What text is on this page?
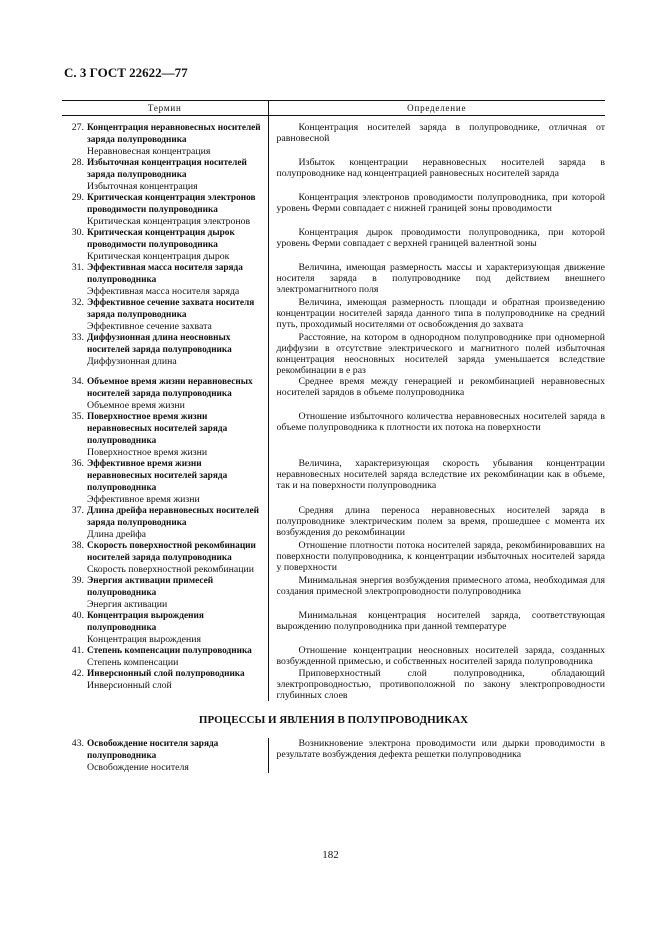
С. 3 ГОСТ 22622—77
Термин	Определение

27. Концентрация неравновесных носителей заряда полупроводника
Неравновесная концентрация	Концентрация носителей заряда в полупроводнике, отличная от равновесной

28. Избыточная концентрация носителей заряда полупроводника
Избыточная концентрация	Избыток концентрации неравновесных носителей заряда в полупроводнике над концентрацией равновесных носителей заряда

29. Критическая концентрация электронов проводимости полупроводника
Критическая концентрация электронов	Концентрация электронов проводимости полупроводника, при которой уровень Ферми совпадает с нижней границей зоны проводимости

30. Критическая концентрация дырок проводимости полупроводника
Критическая концентрация дырок	Концентрация дырок проводимости полупроводника, при которой уровень Ферми совпадает с верхней границей валентной зоны

31. Эффективная масса носителя заряда полупроводника
Эффективная масса носителя заряда	Величина, имеющая размерность массы и характеризующая движение носителя заряда в полупроводнике под действием внешнего электромагнитного поля

32. Эффективное сечение захвата носителя заряда полупроводника
Эффективное сечение захвата	Величина, имеющая размерность площади и обратная произведению концентрации носителей заряда данного типа в полупроводнике на средний путь, проходимый носителями от освобождения до захвата

33. Диффузионная длина неосновных носителей заряда полупроводника
Диффузионная длина	Расстояние, на котором в однородном полупроводнике при одномерной диффузии в отсутствие электрического и магнитного полей избыточная концентрация неосновных носителей заряда уменьшается вследствие рекомбинации в e раз

34. Объемное время жизни неравновесных носителей заряда полупроводника
Объемное время жизни	Среднее время между генерацией и рекомбинацией неравновесных носителей зарядов в объеме полупроводника

35. Поверхностное время жизни неравновесных носителей заряда полупроводника
Поверхностное время жизни	Отношение избыточного количества неравновесных носителей заряда в объеме полупроводника к плотности их потока на поверхности

36. Эффективное время жизни неравновесных носителей заряда полупроводника
Эффективное время жизни	Величина, характеризующая скорость убывания концентрации неравновесных носителей заряда вследствие их рекомбинации как в объеме, так и на поверхности полупроводника

37. Длина дрейфа неравновесных носителей заряда полупроводника
Длина дрейфа	Средняя длина переноса неравновесных носителей заряда в полупроводнике электрическим полем за время, прошедшее с момента их возбуждения до рекомбинации

38. Скорость поверхностной рекомбинации носителей заряда полупроводника
Скорость поверхностной рекомбинации	Отношение плотности потока носителей заряда, рекомбинировавших на поверхности полупроводника, к концентрации избыточных носителей заряда у поверхности

39. Энергия активации примесей полупроводника
Энергия активации	Минимальная энергия возбуждения примесного атома, необходимая для создания примесной электропроводности полупроводника

40. Концентрация вырождения полупроводника
Концентрация вырождения	Минимальная концентрация носителей заряда, соответствующая вырождению полупроводника при данной температуре

41. Степень компенсации полупроводника
Степень компенсации	Отношение концентрации неосновных носителей заряда, созданных возбужденной примесью, и собственных носителей заряда полупроводника

42. Инверсионный слой полупроводника
Инверсионный слой	Приповерхностный слой полупроводника, обладающий электропроводностью, противоположной по закону электропроводности глубинных слоев

ПРОЦЕССЫ И ЯВЛЕНИЯ В ПОЛУПРОВОДНИКАХ	

43. Освобождение носителя заряда полупроводника
Освобождение носителя	Возникновение электрона проводимости или дырки проводимости в результате возбуждения дефекта решетки полупроводника
182
